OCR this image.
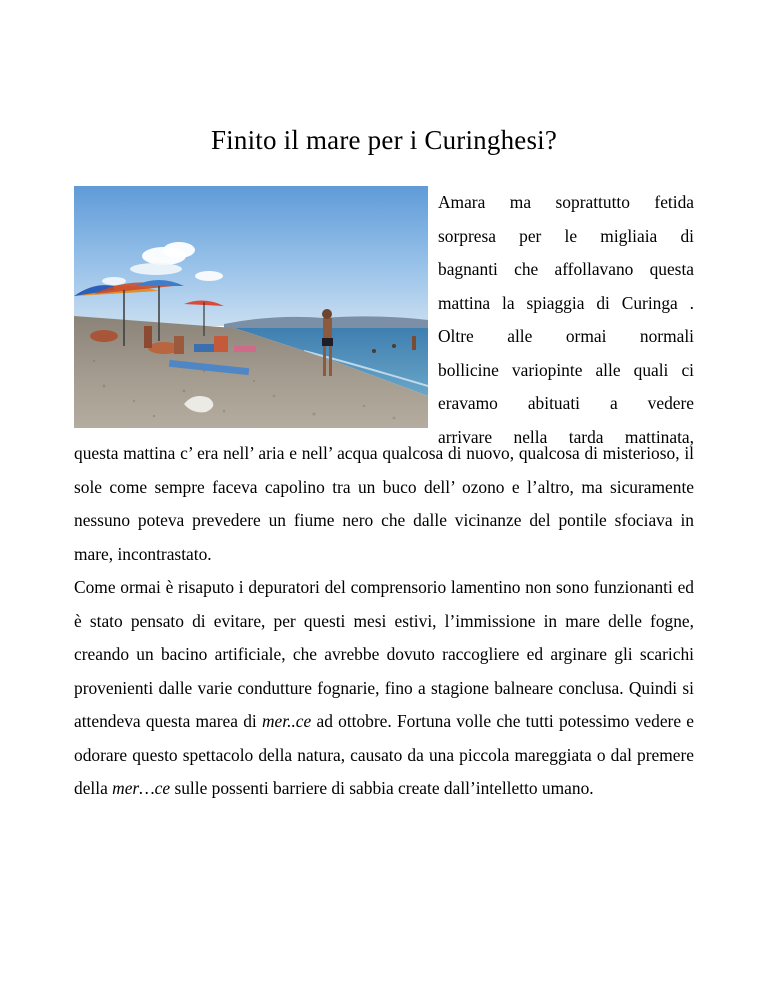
Finito il mare per i Curinghesi?
Amara ma soprattutto fetida
sorpresa per le migliaia di
bagnanti che affollavano questa
mattina la spiaggia di Curinga .
Oltre alle ormai normali
bollicine variopinte alle quali ci
eravamo abituati a vedere
arrivare nella tarda mattinata,

questa mattina c’ era nell’ aria e nell’ acqua qualcosa di nuovo, qualcosa di misterioso, il sole come sempre faceva capolino tra un buco dell’ ozono e l’altro, ma sicuramente nessuno poteva prevedere un fiume nero che dalle vicinanze del pontile sfociava in mare, incontrastato.

Come ormai è risaputo i depuratori del comprensorio lamentino non sono funzionanti ed è stato pensato di evitare, per questi mesi estivi, l’immissione in mare delle fogne, creando un bacino artificiale, che avrebbe dovuto raccogliere ed arginare gli scarichi provenienti dalle varie condutture fognarie, fino a stagione balneare conclusa. Quindi si attendeva questa marea di mer..ce ad ottobre. Fortuna volle che tutti potessimo vedere e odorare questo spettacolo della natura, causato da una piccola mareggiata o dal premere della mer…ce sulle possenti barriere di sabbia create dall’intelletto umano.
